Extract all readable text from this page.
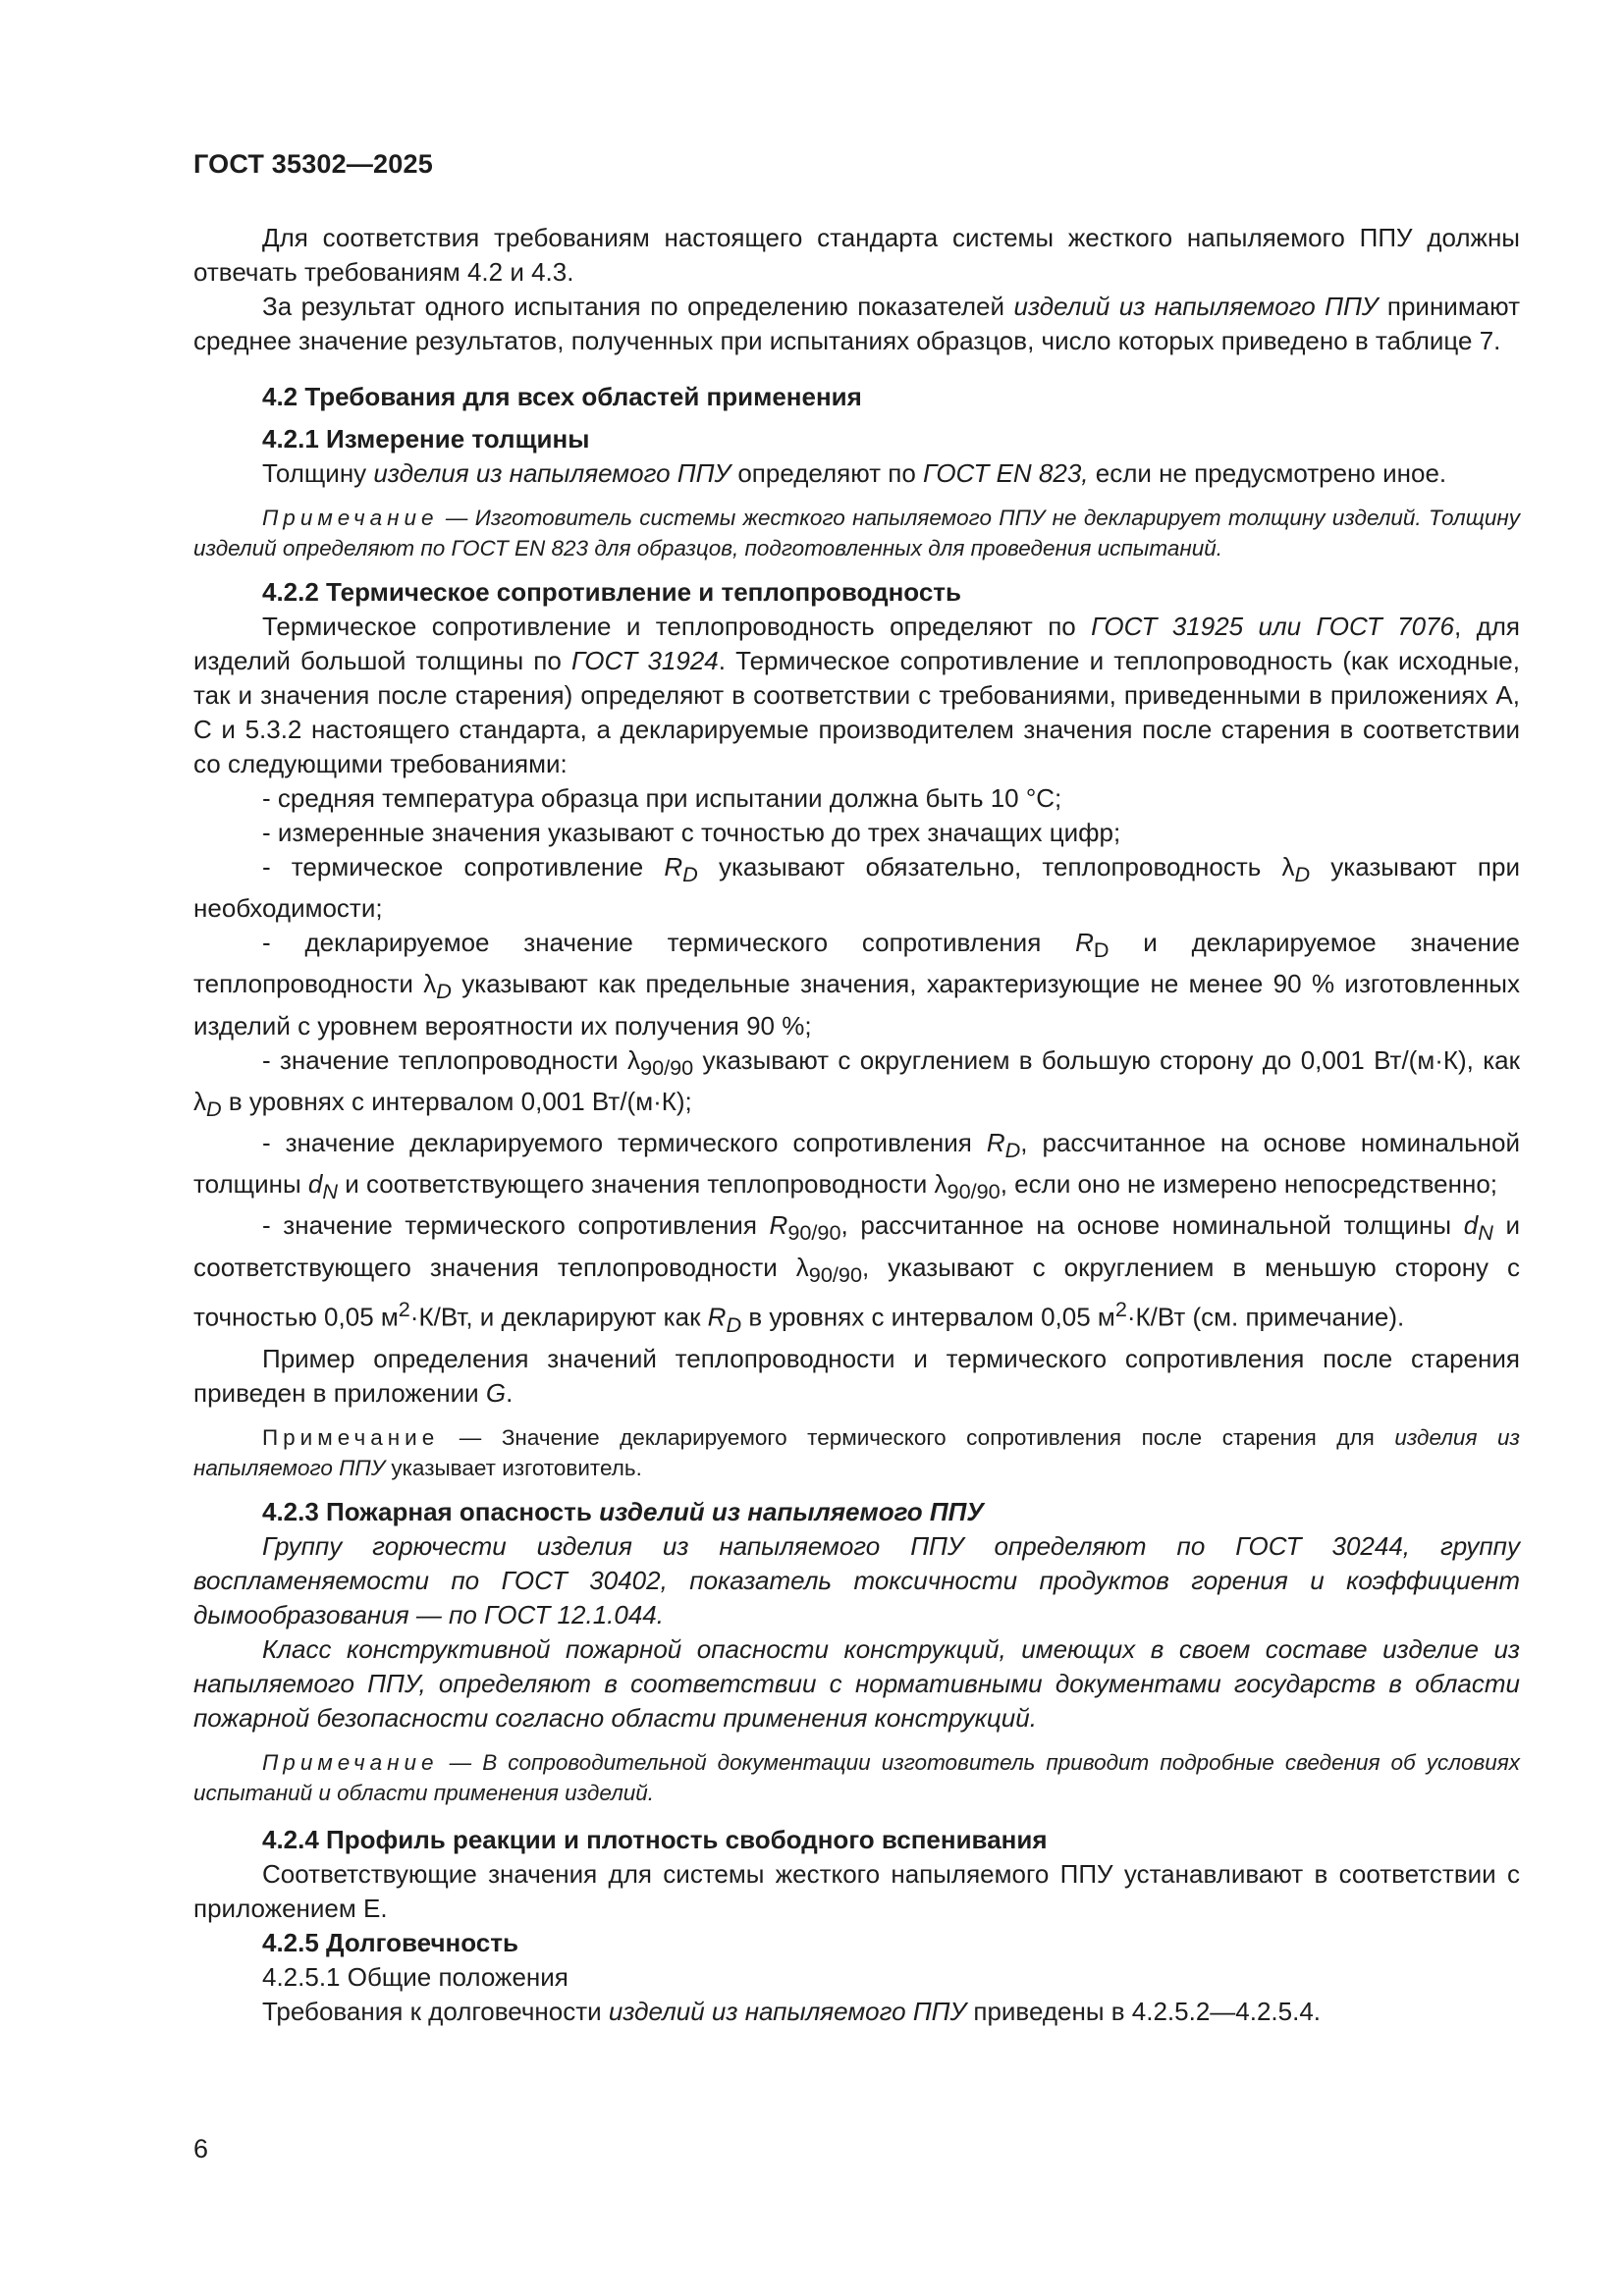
ГОСТ 35302—2025

Для соответствия требованиям настоящего стандарта системы жесткого напыляемого ППУ должны отвечать требованиям 4.2 и 4.3.

За результат одного испытания по определению показателей изделий из напыляемого ППУ принимают среднее значение результатов, полученных при испытаниях образцов, число которых приведено в таблице 7.

4.2 Требования для всех областей применения

4.2.1 Измерение толщины

Толщину изделия из напыляемого ППУ определяют по ГОСТ EN 823, если не предусмотрено иное.

Примечание — Изготовитель системы жесткого напыляемого ППУ не декларирует толщину изделий. Толщину изделий определяют по ГОСТ EN 823 для образцов, подготовленных для проведения испытаний.

4.2.2 Термическое сопротивление и теплопроводность

Термическое сопротивление и теплопроводность определяют по ГОСТ 31925 или ГОСТ 7076, для изделий большой толщины по ГОСТ 31924. Термическое сопротивление и теплопроводность (как исходные, так и значения после старения) определяют в соответствии с требованиями, приведенными в приложениях А, С и 5.3.2 настоящего стандарта, а декларируемые производителем значения после старения в соответствии со следующими требованиями:

- средняя температура образца при испытании должна быть 10 °С;

- измеренные значения указывают с точностью до трех значащих цифр;

- термическое сопротивление $R_D$ указывают обязательно, теплопроводность $\lambda_D$ указывают при необходимости;

- декларируемое значение термического сопротивления $R_D$ и декларируемое значение теплопроводности $\lambda_D$ указывают как предельные значения, характеризующие не менее 90 % изготовленных изделий с уровнем вероятности их получения 90 %;

- значение теплопроводности $\lambda_{90/90}$ указывают с округлением в большую сторону до 0,001 Вт/(м·К), как $\lambda_D$ в уровнях с интервалом 0,001 Вт/(м·К);

- значение декларируемого термического сопротивления $R_D$, рассчитанное на основе номинальной толщины $d_N$ и соответствующего значения теплопроводности $\lambda_{90/90}$, если оно не измерено непосредственно;

- значение термического сопротивления $R_{90/90}$, рассчитанное на основе номинальной толщины $d_N$ и соответствующего значения теплопроводности $\lambda_{90/90}$, указывают с округлением в меньшую сторону с точностью 0,05 $м^2\cdot К/Вт$, и декларируют как $R_D$ в уровнях с интервалом 0,05 $м^2\cdot К/Вт$ (см. примечание).

Пример определения значений теплопроводности и термического сопротивления после старения приведен в приложении G.

Примечание — Значение декларируемого термического сопротивления после старения для изделия из напыляемого ППУ указывает изготовитель.

4.2.3 Пожарная опасность изделий из напыляемого ППУ

Группу горючести изделия из напыляемого ППУ определяют по ГОСТ 30244, группу воспламеняемости по ГОСТ 30402, показатель токсичности продуктов горения и коэффициент дымообразования — по ГОСТ 12.1.044.

Класс конструктивной пожарной опасности конструкций, имеющих в своем составе изделие из напыляемого ППУ, определяют в соответствии с нормативными документами государств в области пожарной безопасности согласно области применения конструкций.

Примечание — В сопроводительной документации изготовитель приводит подробные сведения об условиях испытаний и области применения изделий.

4.2.4 Профиль реакции и плотность свободного вспенивания

Соответствующие значения для системы жесткого напыляемого ППУ устанавливают в соответствии с приложением Е.

4.2.5 Долговечность

4.2.5.1 Общие положения

Требования к долговечности изделий из напыляемого ППУ приведены в 4.2.5.2—4.2.5.4.

6
